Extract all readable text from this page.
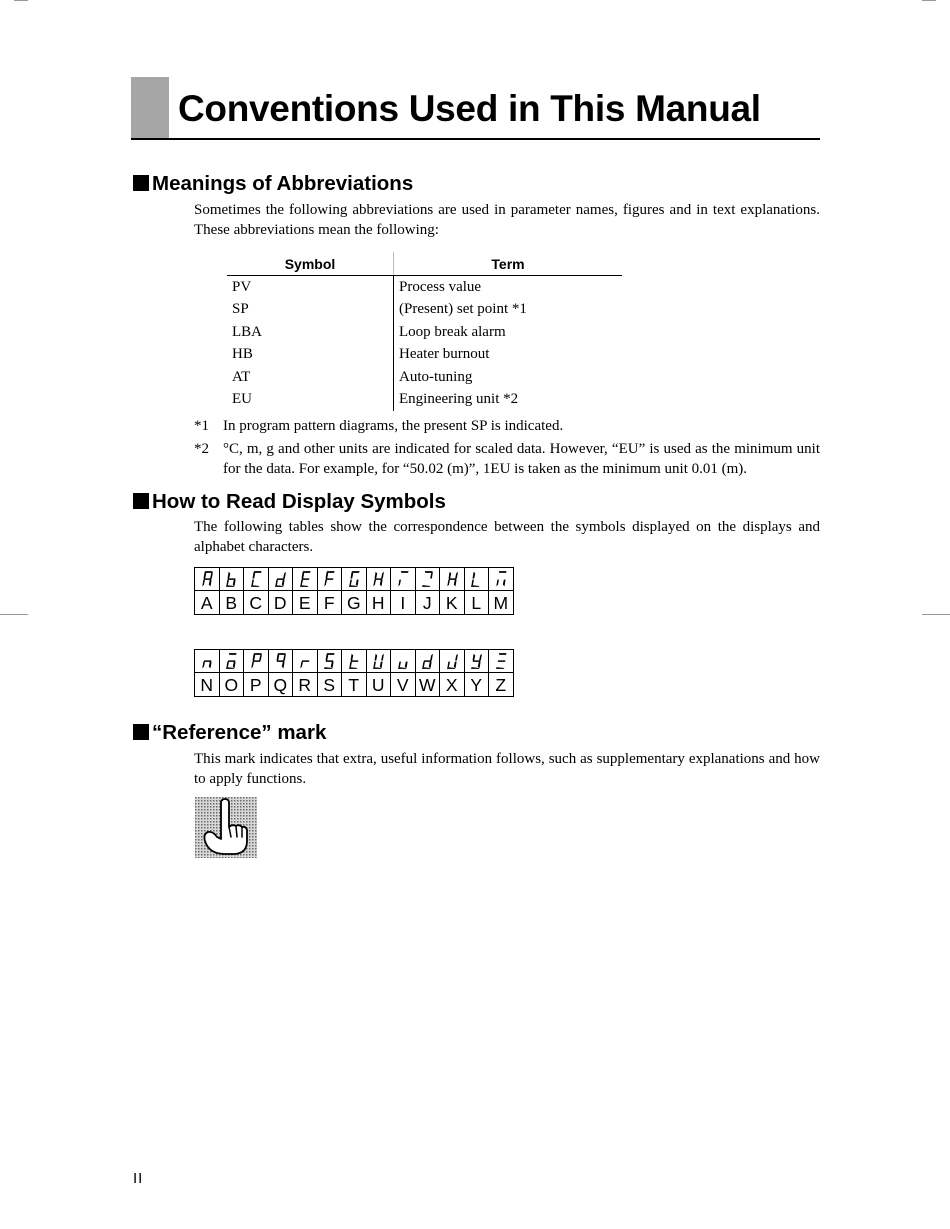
Conventions Used in This Manual
Meanings of Abbreviations

Sometimes the following abbreviations are used in parameter names, figures and in text explanations. These abbreviations mean the following:

Symbol	Term
PV	Process value
SP	(Present) set point *1
LBA	Loop break alarm
HB	Heater burnout
AT	Auto-tuning
EU	Engineering unit *2
*1 In program pattern diagrams, the present SP is indicated.
*2 °C, m, g and other units are indicated for scaled data. However, “EU” is used as the minimum unit for the data. For example, for “50.02 (m)”, 1EU is taken as the minimum unit 0.01 (m).
How to Read Display Symbols

The following tables show the correspondence between the symbols displayed on the displays and alphabet characters.

A	B	C	D	E	F	G	H	I	J	K	L	M

N	O	P	Q	R	S	T	U	V	W	X	Y	Z
“Reference” mark

This mark indicates that extra, useful information follows, such as supplementary explanations and how to apply functions.

II
